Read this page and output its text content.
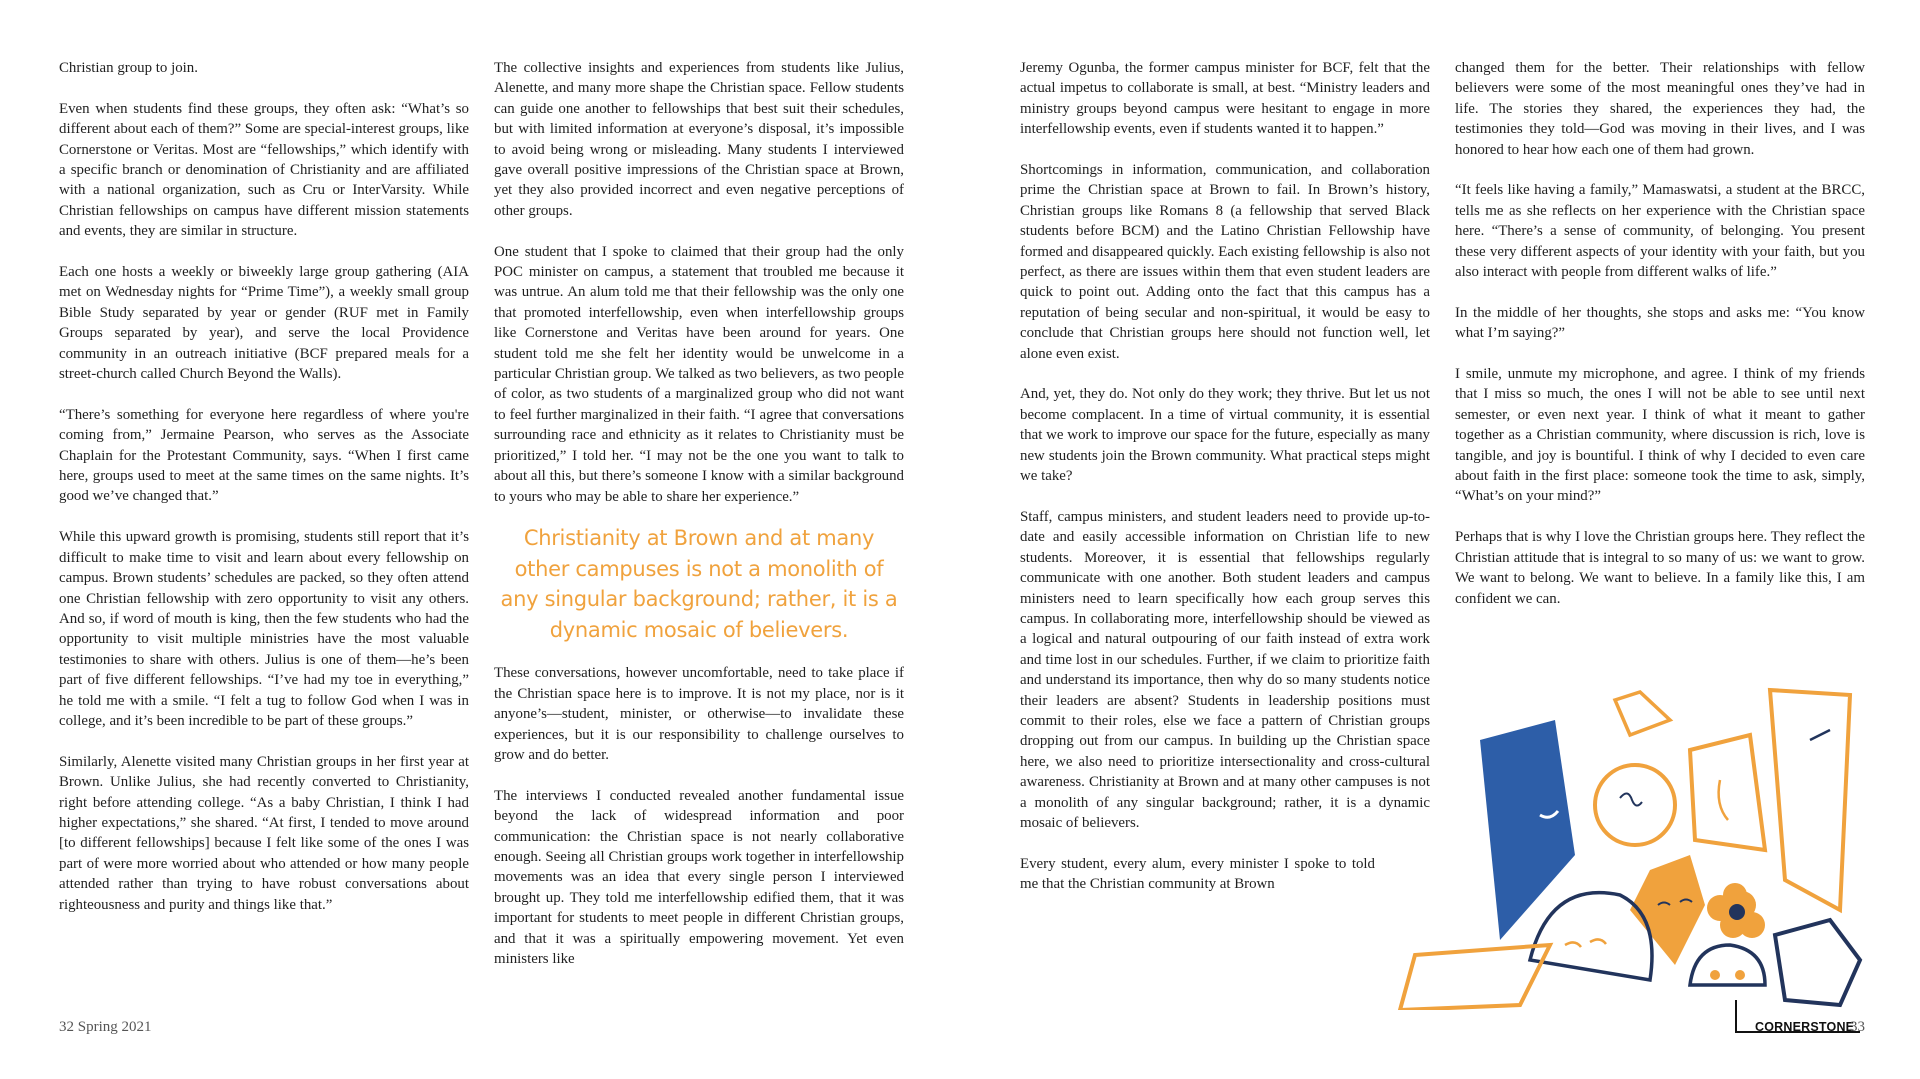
Christian group to join.

Even when students find these groups, they often ask: “What’s so different about each of them?” Some are special-interest groups, like Cornerstone or Veritas. Most are “fellowships,” which identify with a specific branch or denomination of Christianity and are affiliated with a national organization, such as Cru or InterVarsity. While Christian fellowships on campus have different mission statements and events, they are similar in structure.

Each one hosts a weekly or biweekly large group gathering (AIA met on Wednesday nights for “Prime Time”), a weekly small group Bible Study separated by year or gender (RUF met in Family Groups separated by year), and serve the local Providence community in an outreach initiative (BCF prepared meals for a street-church called Church Beyond the Walls).

“There’s something for everyone here regardless of where you're coming from,” Jermaine Pearson, who serves as the Associate Chaplain for the Protestant Community, says. “When I first came here, groups used to meet at the same times on the same nights. It’s good we’ve changed that.”

While this upward growth is promising, students still report that it’s difficult to make time to visit and learn about every fellowship on campus. Brown students’ schedules are packed, so they often attend one Christian fellowship with zero opportunity to visit any others. And so, if word of mouth is king, then the few students who had the opportunity to visit multiple ministries have the most valuable testimonies to share with others. Julius is one of them—he’s been part of five different fellowships. “I’ve had my toe in everything,” he told me with a smile. “I felt a tug to follow God when I was in college, and it’s been incredible to be part of these groups.”

Similarly, Alenette visited many Christian groups in her first year at Brown. Unlike Julius, she had recently converted to Christianity, right before attending college. “As a baby Christian, I think I had higher expectations,” she shared. “At first, I tended to move around [to different fellowships] because I felt like some of the ones I was part of were more worried about who attended or how many people attended rather than trying to have robust conversations about righteousness and purity and things like that.”

The collective insights and experiences from students like Julius, Alenette, and many more shape the Christian space. Fellow students can guide one another to fellowships that best suit their schedules, but with limited information at everyone’s disposal, it’s impossible to avoid being wrong or misleading. Many students I interviewed gave overall positive impressions of the Christian space at Brown, yet they also provided incorrect and even negative perceptions of other groups.

One student that I spoke to claimed that their group had the only POC minister on campus, a statement that troubled me because it was untrue. An alum told me that their fellowship was the only one that promoted interfellowship, even when interfellowship groups like Cornerstone and Veritas have been around for years. One student told me she felt her identity would be unwelcome in a particular Christian group. We talked as two believers, as two people of color, as two students of a marginalized group who did not want to feel further marginalized in their faith. “I agree that conversations surrounding race and ethnicity as it relates to Christianity must be prioritized,” I told her. “I may not be the one you want to talk to about all this, but there’s someone I know with a similar background to yours who may be able to share her experience.”

Christianity at Brown and at many other campuses is not a monolith of any singular background; rather, it is a dynamic mosaic of believers.

These conversations, however uncomfortable, need to take place if the Christian space here is to improve. It is not my place, nor is it anyone’s—student, minister, or otherwise—to invalidate these experiences, but it is our responsibility to challenge ourselves to grow and do better.

The interviews I conducted revealed another fundamental issue beyond the lack of widespread information and poor communication: the Christian space is not nearly collaborative enough. Seeing all Christian groups work together in interfellowship movements was an idea that every single person I interviewed brought up. They told me interfellowship edified them, that it was important for students to meet people in different Christian groups, and that it was a spiritually empowering movement. Yet even ministers like

Jeremy Ogunba, the former campus minister for BCF, felt that the actual impetus to collaborate is small, at best. “Ministry leaders and ministry groups beyond campus were hesitant to engage in more interfellowship events, even if students wanted it to happen.”

Shortcomings in information, communication, and collaboration prime the Christian space at Brown to fail. In Brown’s history, Christian groups like Romans 8 (a fellowship that served Black students before BCM) and the Latino Christian Fellowship have formed and disappeared quickly. Each existing fellowship is also not perfect, as there are issues within them that even student leaders are quick to point out. Adding onto the fact that this campus has a reputation of being secular and non-spiritual, it would be easy to conclude that Christian groups here should not function well, let alone even exist.

And, yet, they do. Not only do they work; they thrive. But let us not become complacent. In a time of virtual community, it is essential that we work to improve our space for the future, especially as many new students join the Brown community. What practical steps might we take?

Staff, campus ministers, and student leaders need to provide up-to-date and easily accessible information on Christian life to new students. Moreover, it is essential that fellowships regularly communicate with one another. Both student leaders and campus ministers need to learn specifically how each group serves this campus. In collaborating more, interfellowship should be viewed as a logical and natural outpouring of our faith instead of extra work and time lost in our schedules. Further, if we claim to prioritize faith and understand its importance, then why do so many students notice their leaders are absent? Students in leadership positions must commit to their roles, else we face a pattern of Christian groups dropping out from our campus. In building up the Christian space here, we also need to prioritize intersectionality and cross-cultural awareness. Christianity at Brown and at many other campuses is not a monolith of any singular background; rather, it is a dynamic mosaic of believers.

Every student, every alum, every minister I spoke to told me that the Christian community at Brown

changed them for the better. Their relationships with fellow believers were some of the most meaningful ones they’ve had in life. The stories they shared, the experiences they had, the testimonies they told—God was moving in their lives, and I was honored to hear how each one of them had grown.

“It feels like having a family,” Mamaswatsi, a student at the BRCC, tells me as she reflects on her experience with the Christian space here. “There’s a sense of community, of belonging. You present these very different aspects of your identity with your faith, but you also interact with people from different walks of life.”

In the middle of her thoughts, she stops and asks me: “You know what I’m saying?”

I smile, unmute my microphone, and agree. I think of my friends that I miss so much, the ones I will not be able to see until next semester, or even next year. I think of what it meant to gather together as a Christian community, where discussion is rich, love is tangible, and joy is bountiful. I think of why I decided to even care about faith in the first place: someone took the time to ask, simply, “What’s on your mind?”

Perhaps that is why I love the Christian groups here. They reflect the Christian attitude that is integral to so many of us: we want to grow. We want to belong. We want to believe. In a family like this, I am confident we can.

32 Spring 2021	CORNERSTONE
33
